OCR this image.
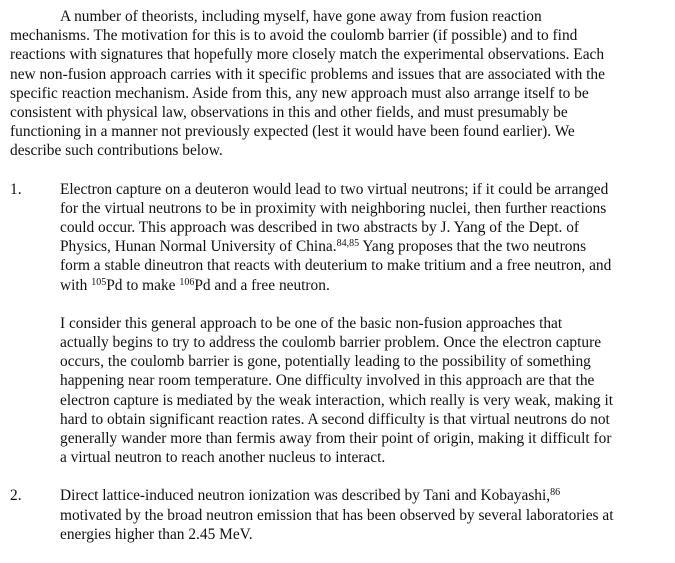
A number of theorists, including myself, have gone away from fusion reaction
mechanisms. The motivation for this is to avoid the coulomb barrier (if possible) and to find
reactions with signatures that hopefully more closely match the experimental observations. Each
new non-fusion approach carries with it specific problems and issues that are associated with the
specific reaction mechanism. Aside from this, any new approach must also arrange itself to be
consistent with physical law, observations in this and other fields, and must presumably be
functioning in a manner not previously expected (lest it would have been found earlier). We
describe such contributions below.
1. Electron capture on a deuteron would lead to two virtual neutrons; if it could be arranged
for the virtual neutrons to be in proximity with neighboring nuclei, then further reactions
could occur. This approach was described in two abstracts by J. Yang of the Dept. of
Physics, Hunan Normal University of China.$^{84,85}$ Yang proposes that the two neutrons
form a stable dineutron that reacts with deuterium to make tritium and a free neutron, and
with $^{105}$Pd to make $^{106}$Pd and a free neutron.
I consider this general approach to be one of the basic non-fusion approaches that
actually begins to try to address the coulomb barrier problem. Once the electron capture
occurs, the coulomb barrier is gone, potentially leading to the possibility of something
happening near room temperature. One difficulty involved in this approach are that the
electron capture is mediated by the weak interaction, which really is very weak, making it
hard to obtain significant reaction rates. A second difficulty is that virtual neutrons do not
generally wander more than fermis away from their point of origin, making it difficult for
a virtual neutron to reach another nucleus to interact.
2. Direct lattice-induced neutron ionization was described by Tani and Kobayashi,$^{86}$
motivated by the broad neutron emission that has been observed by several laboratories at
energies higher than 2.45 MeV.
